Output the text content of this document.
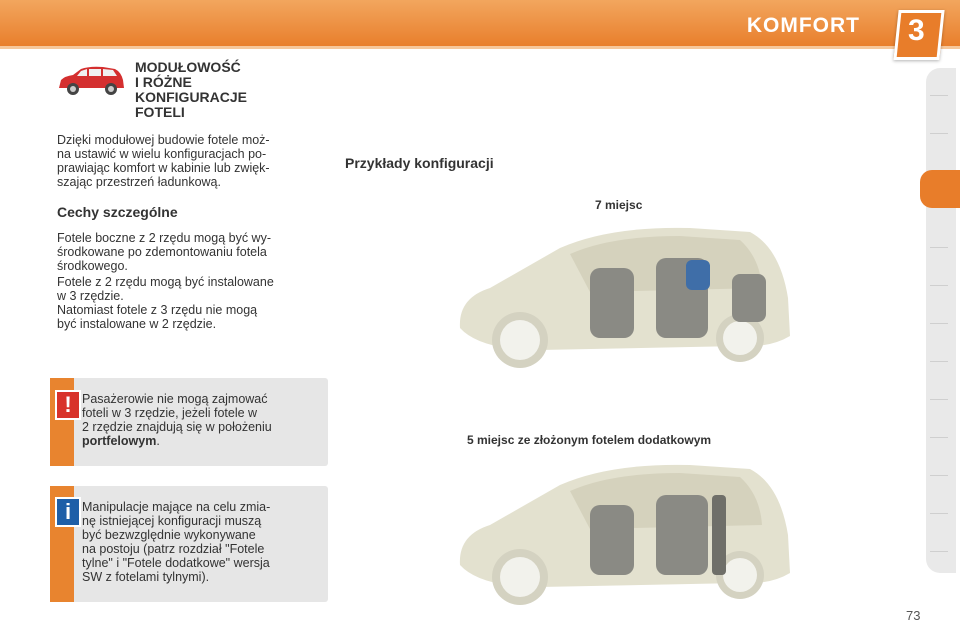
KOMFORT 3
MODUŁOWOŚĆ
I RÓŻNE
KONFIGURACJE
FOTELI
Dzięki modułowej budowie fotele moż-
na ustawić w wielu konfiguracjach po-
prawiając komfort w kabinie lub zwięk-
szając przestrzeń ładunkową.
Cechy szczególne
Fotele boczne z 2 rzędu mogą być wy-
środkowane po zdemontowaniu fotela
środkowego.
Fotele z 2 rzędu mogą być instalowane
w 3 rzędzie.
Natomiast fotele z 3 rzędu nie mogą
być instalowane w 2 rzędzie.
! Pasażerowie nie mogą zajmować
foteli w 3 rzędzie, jeżeli fotele w
2 rzędzie znajdują się w położeniu
portfelowym.
i Manipulacje mające na celu zmia-
nę istniejącej konfiguracji muszą
być bezwzględnie wykonywane
na postoju (patrz rozdział "Fotele
tylne" i "Fotele dodatkowe" wersja
SW z fotelami tylnymi).
Przykłady konfiguracji
7 miejsc
5 miejsc ze złożonym fotelem dodatkowym
73
